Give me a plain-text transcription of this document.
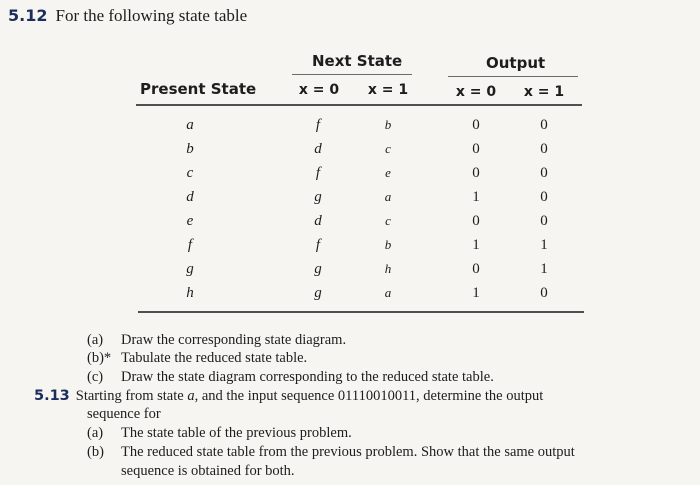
5.12 For the following state table
Next State	Output
Present State	x = 0 x = 1	x = 0 x = 1
a	f	b	0	0
b	d	c	0	0
c	f	e	0	0
d	g	a	1	0
e	d	c	0	0
f	f	b	1	1
g	g	h	0	1
h	g	a	1	0
(a) Draw the corresponding state diagram.
(b)* Tabulate the reduced state table.
(c) Draw the state diagram corresponding to the reduced state table.
5.13 Starting from state a, and the input sequence 01110010011, determine the output
sequence for
(a) The state table of the previous problem.
(b) The reduced state table from the previous problem. Show that the same output
sequence is obtained for both.
